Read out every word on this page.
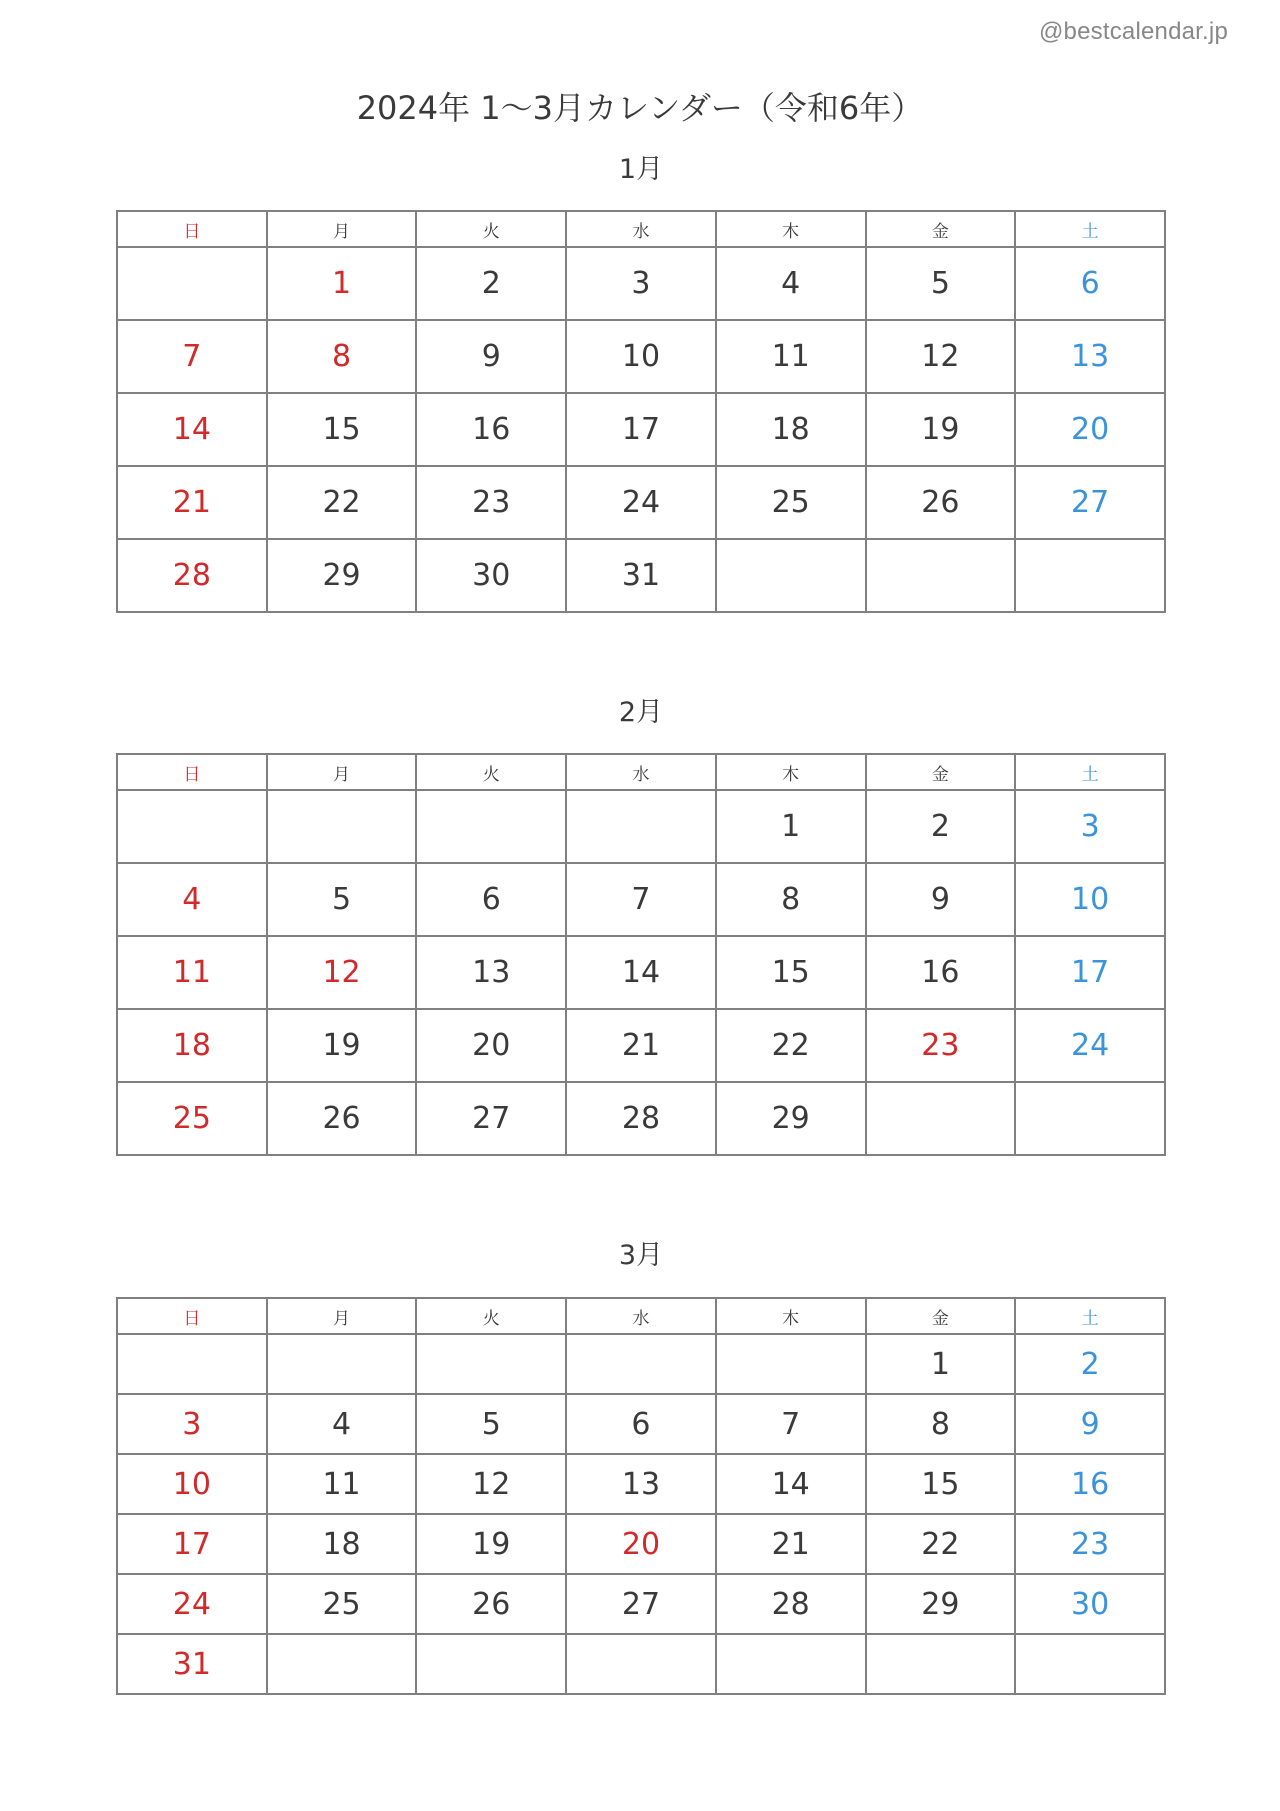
@bestcalendar.jp
2024年 1〜3月カレンダー（令和6年）
1月
日	月	火	水	木	金	土
	1	2	3	4	5	6
7	8	9	10	11	12	13
14	15	16	17	18	19	20
21	22	23	24	25	26	27
28	29	30	31			
2月
日	月	火	水	木	金	土
				1	2	3
4	5	6	7	8	9	10
11	12	13	14	15	16	17
18	19	20	21	22	23	24
25	26	27	28	29		
3月
日	月	火	水	木	金	土
					1	2
3	4	5	6	7	8	9
10	11	12	13	14	15	16
17	18	19	20	21	22	23
24	25	26	27	28	29	30
31						
